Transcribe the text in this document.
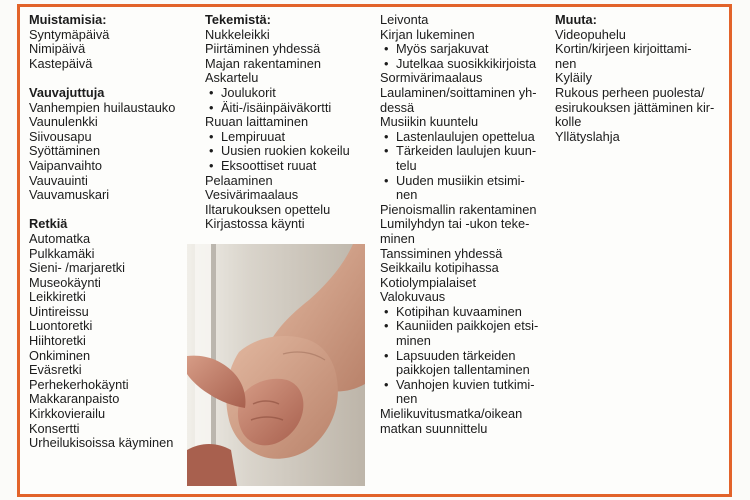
Muistamisia:
Syntymäpäivä
Nimipäivä
Kastepäivä
Vauvajuttuja
Vanhempien huilaustauko
Vaunulenkki
Siivousapu
Syöttäminen
Vaipanvaihto
Vauvauinti
Vauvamuskari
Retkiä
Automatka
Pulkkamäki
Sieni- /marjaretki
Museokäynti
Leikkiretki
Uintireissu
Luontoretki
Hiihtoretki
Onkiminen
Eväsretki
Perhekerhokäynti
Makkaranpaisto
Kirkkovierailu
Konsertti
Urheilukisoissa käyminen
Tekemistä:
Nukkeleikki
Piirtäminen yhdessä
Majan rakentaminen
Askartelu
• Joulukorit
• Äiti-/isäinpäiväkortti
Ruuan laittaminen
• Lempiruuat
• Uusien ruokien kokeilu
• Eksoottiset ruuat
Pelaaminen
Vesivärimaalaus
Iltarukouksen opettelu
Kirjastossa käynti
Leivonta
Kirjan lukeminen
• Myös sarjakuvat
• Jutelkaa suosikkikirjoista
Sormivärimaalaus
Laulaminen/soittaminen yh-
dessä
Musiikin kuuntelu
• Lastenlaulujen opettelua
• Tärkeiden laulujen kuun-
telu
• Uuden musiikin etsimi-
nen
Pienoismallin rakentaminen
Lumilyhdyn tai -ukon teke-
minen
Tanssiminen yhdessä
Seikkailu kotipihassa
Kotiolympialaiset
Valokuvaus
• Kotipihan kuvaaminen
• Kauniiden paikkojen etsi-
minen
• Lapsuuden tärkeiden
paikkojen tallentaminen
• Vanhojen kuvien tutkimi-
nen
Mielikuvitusmatka/oikean
matkan suunnittelu
Muuta:
Videopuhelu
Kortin/kirjeen kirjoittami-
nen
Kyläily
Rukous perheen puolesta/
esirukouksen jättäminen kir-
kolle
Yllätyslahja
